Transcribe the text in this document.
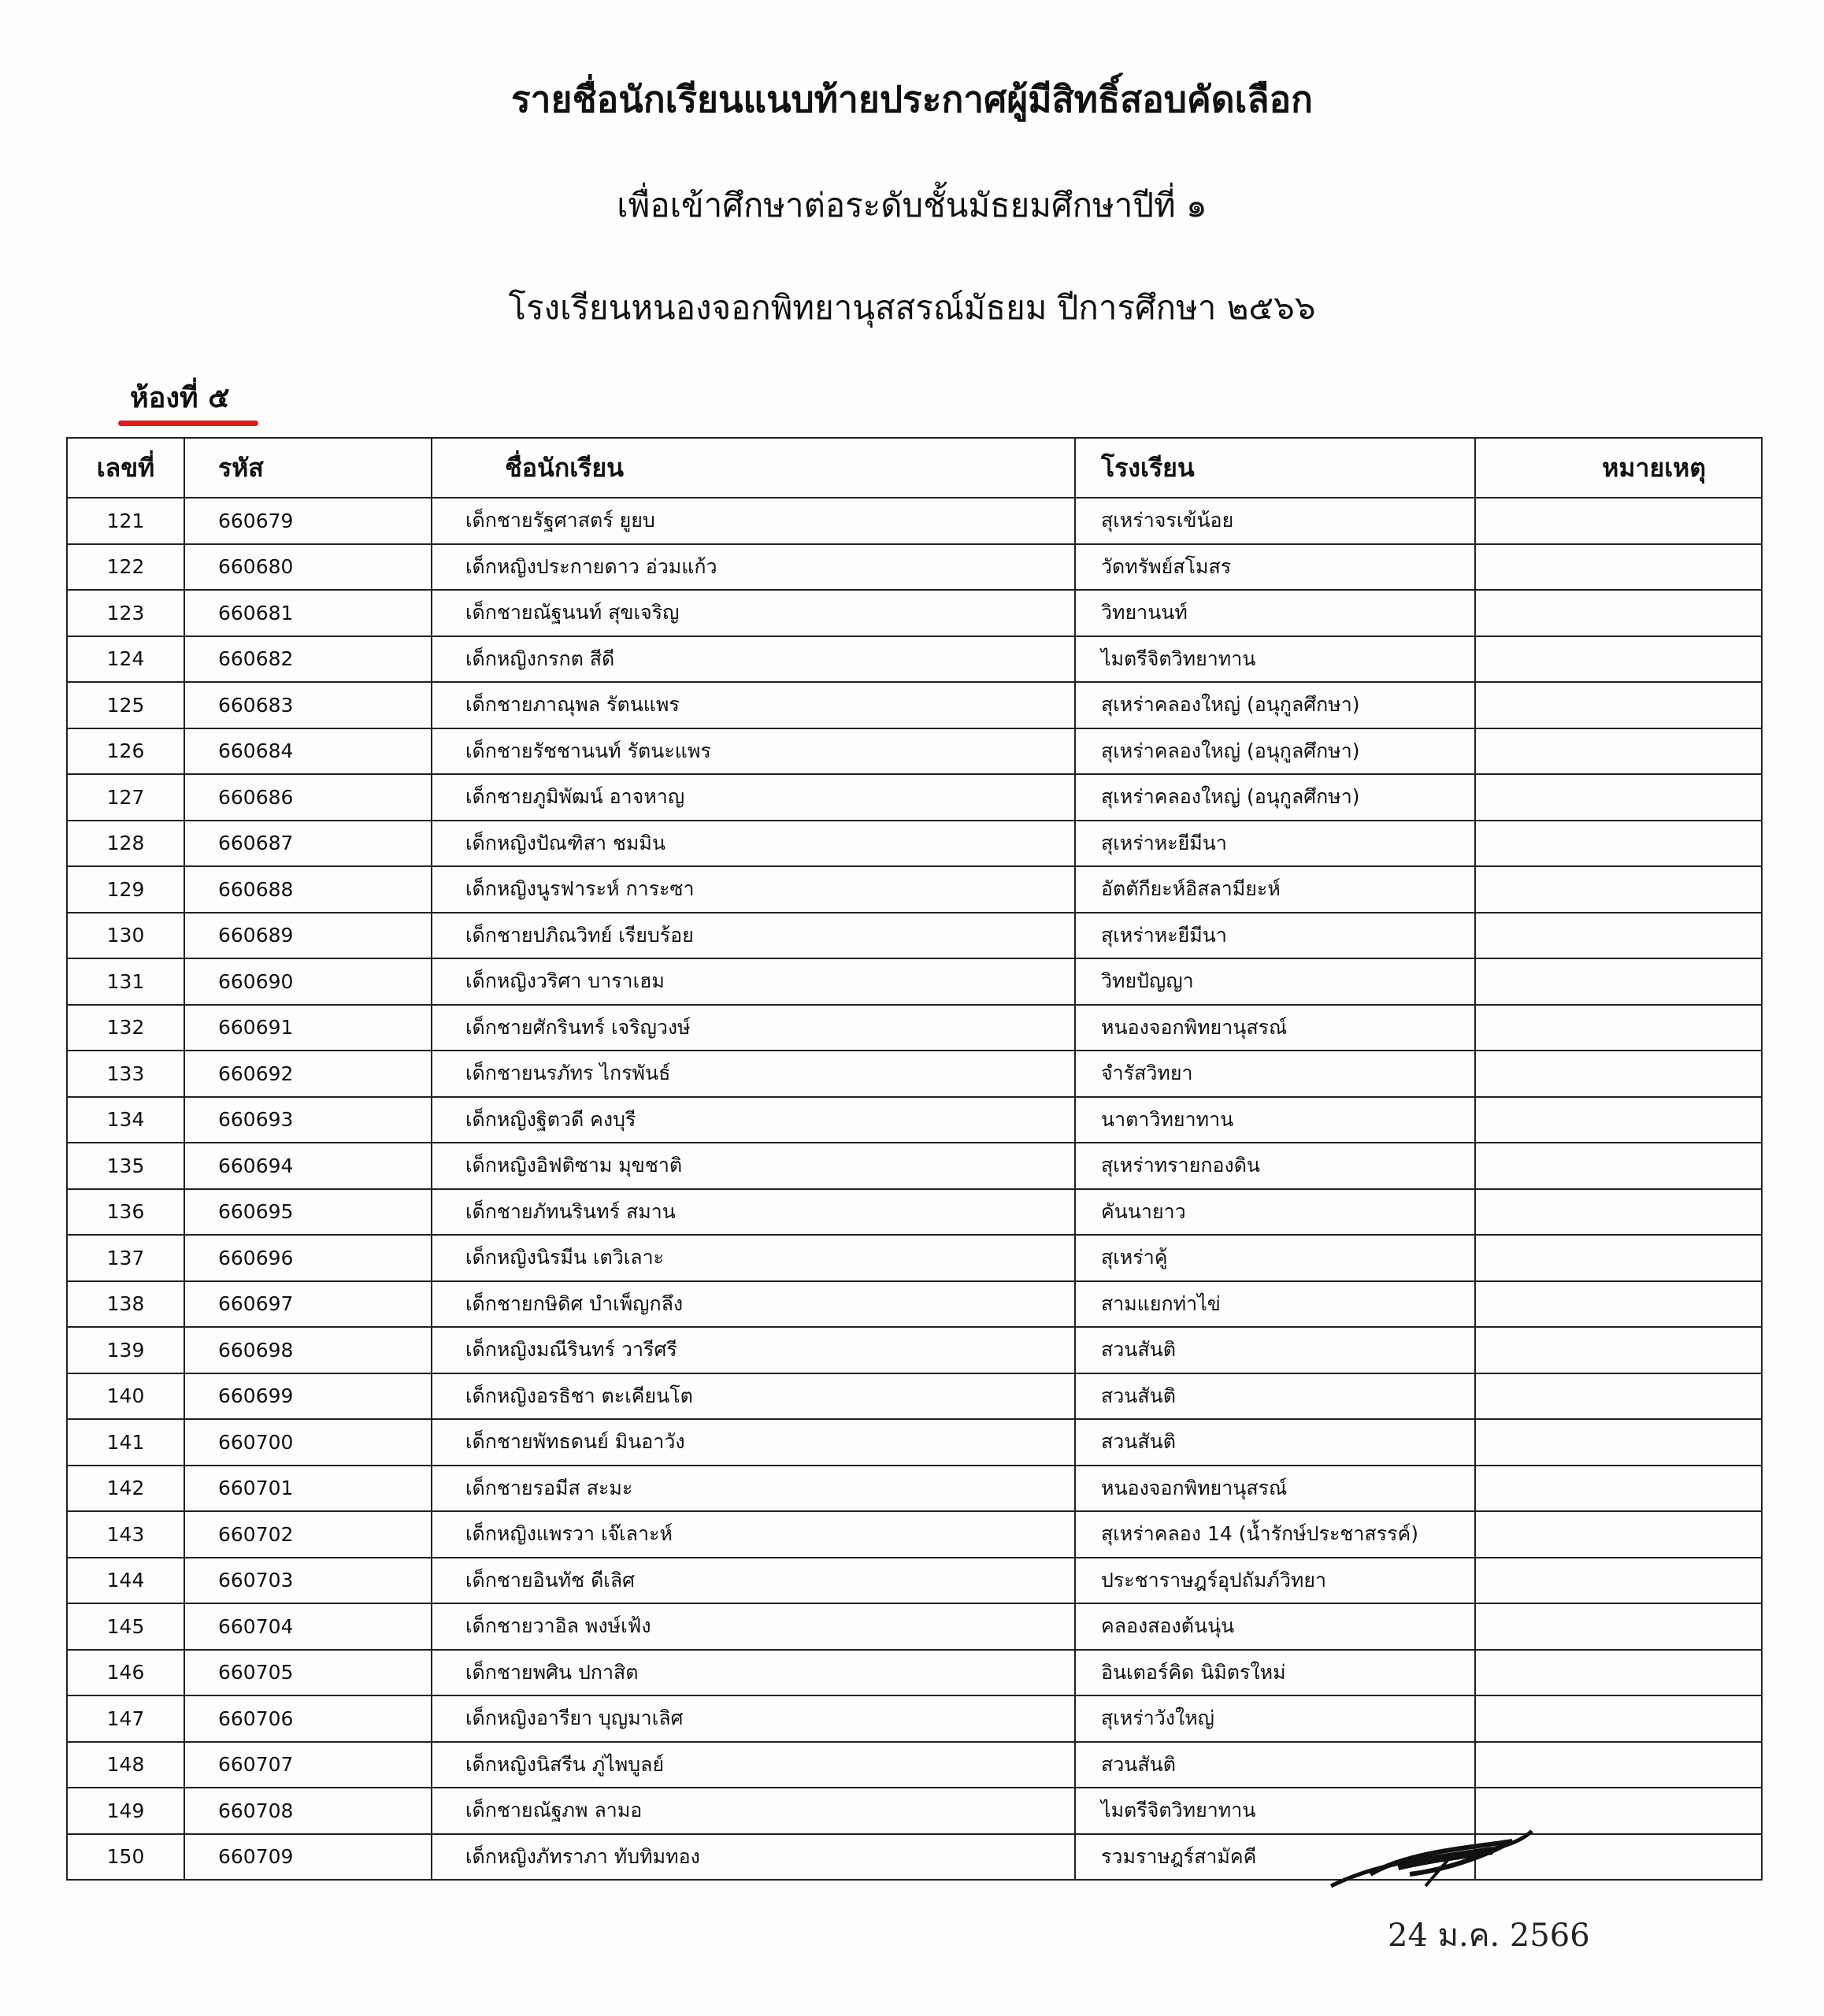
รายชื่อนักเรียนแนบท้ายประกาศผู้มีสิทธิ์สอบคัดเลือก
เพื่อเข้าศึกษาต่อระดับชั้นมัธยมศึกษาปีที่ ๑
โรงเรียนหนองจอกพิทยานุสสรณ์มัธยม ปีการศึกษา ๒๕๖๖
ห้องที่ ๕
เลขที่	รหัส	ชื่อนักเรียน	โรงเรียน	หมายเหตุ
121	660679	เด็กชายรัฐศาสตร์ ยูยบ	สุเหร่าจรเข้น้อย	
122	660680	เด็กหญิงประกายดาว อ่วมแก้ว	วัดทรัพย์สโมสร	
123	660681	เด็กชายณัฐนนท์ สุขเจริญ	วิทยานนท์	
124	660682	เด็กหญิงกรกต สีดี	ไมตรีจิตวิทยาทาน	
125	660683	เด็กชายภาณุพล รัตนแพร	สุเหร่าคลองใหญ่ (อนุกูลศึกษา)	
126	660684	เด็กชายรัชชานนท์ รัตนะแพร	สุเหร่าคลองใหญ่ (อนุกูลศึกษา)	
127	660686	เด็กชายภูมิพัฒน์ อาจหาญ	สุเหร่าคลองใหญ่ (อนุกูลศึกษา)	
128	660687	เด็กหญิงปัณฑิสา ชมมิน	สุเหร่าหะยีมีนา	
129	660688	เด็กหญิงนูรฟาระห์ การะซา	อัตตักียะห์อิสลามียะห์	
130	660689	เด็กชายปภิณวิทย์ เรียบร้อย	สุเหร่าหะยีมีนา	
131	660690	เด็กหญิงวริศา บาราเฮม	วิทยปัญญา	
132	660691	เด็กชายศักรินทร์ เจริญวงษ์	หนองจอกพิทยานุสรณ์	
133	660692	เด็กชายนรภัทร ไกรพันธ์	จำรัสวิทยา	
134	660693	เด็กหญิงฐิตวดี คงบุรี	นาตาวิทยาทาน	
135	660694	เด็กหญิงอิฟติซาม มุขชาติ	สุเหร่าทรายกองดิน	
136	660695	เด็กชายภัทนรินทร์ สมาน	คันนายาว	
137	660696	เด็กหญิงนิรมีน เตวิเลาะ	สุเหร่าคู้	
138	660697	เด็กชายกษิดิศ บำเพ็ญกลึง	สามแยกท่าไข่	
139	660698	เด็กหญิงมณีรินทร์ วารีศรี	สวนสันติ	
140	660699	เด็กหญิงอรธิชา ตะเคียนโต	สวนสันติ	
141	660700	เด็กชายพัทธดนย์ มินอาวัง	สวนสันติ	
142	660701	เด็กชายรอมีส สะมะ	หนองจอกพิทยานุสรณ์	
143	660702	เด็กหญิงแพรวา เจ๊เลาะห์	สุเหร่าคลอง 14 (น้ำรักษ์ประชาสรรค์)	
144	660703	เด็กชายอินทัช ดีเลิศ	ประชาราษฎร์อุปถัมภ์วิทยา	
145	660704	เด็กชายวาอิล พงษ์เฟ้ง	คลองสองต้นนุ่น	
146	660705	เด็กชายพศิน ปกาสิต	อินเตอร์คิด นิมิตรใหม่	
147	660706	เด็กหญิงอารียา บุญมาเลิศ	สุเหร่าวังใหญ่	
148	660707	เด็กหญิงนิสรีน ภู่ไพบูลย์	สวนสันติ	
149	660708	เด็กชายณัฐภพ ลามอ	ไมตรีจิตวิทยาทาน	
150	660709	เด็กหญิงภัทราภา ทับทิมทอง	รวมราษฎร์สามัคคี	
24 ม.ค. 2566
